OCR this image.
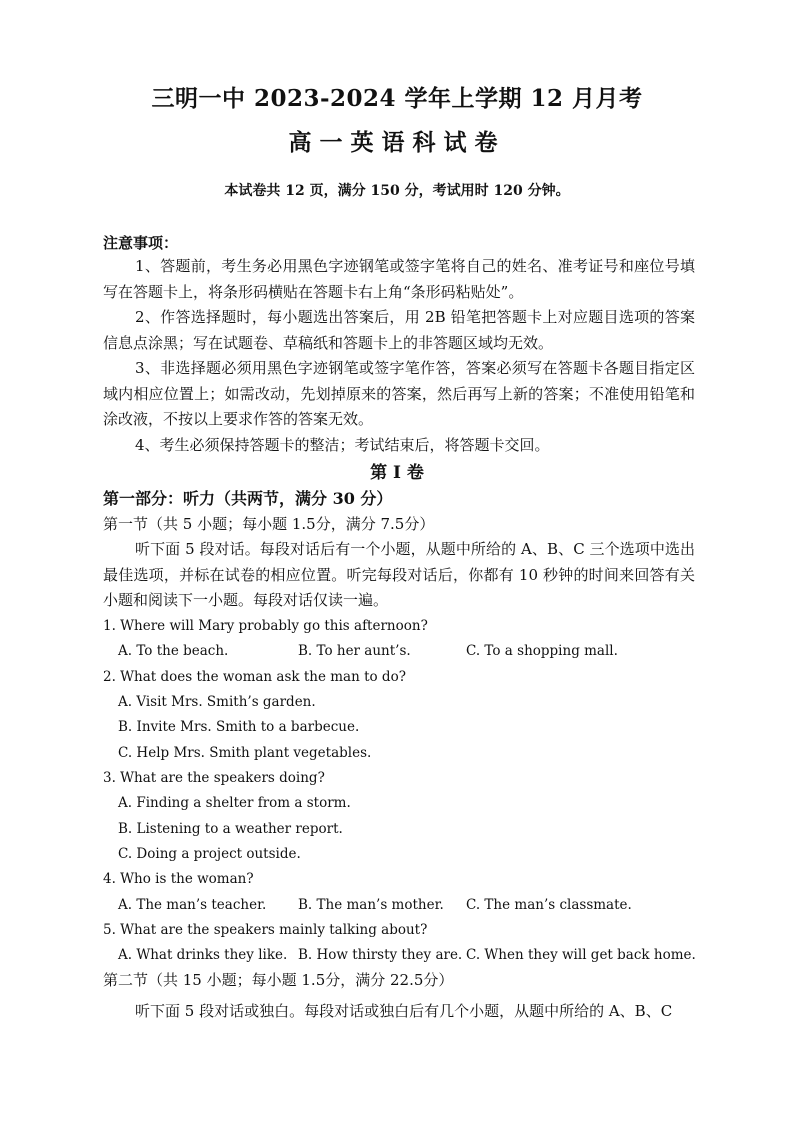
三明一中 2023-2024 学年上学期 12 月月考
高一英语科试卷
本试卷共 12 页，满分 150 分，考试用时 120 分钟。
注意事项：
1、答题前，考生务必用黑色字迹钢笔或签字笔将自己的姓名、准考证号和座位号填写在答题卡上，将条形码横贴在答题卡右上角“条形码粘贴处”。
2、作答选择题时，每小题选出答案后，用 2B 铅笔把答题卡上对应题目选项的答案信息点涂黑；写在试题卷、草稿纸和答题卡上的非答题区域均无效。
3、非选择题必须用黑色字迹钢笔或签字笔作答，答案必须写在答题卡各题目指定区域内相应位置上；如需改动，先划掉原来的答案，然后再写上新的答案；不准使用铅笔和涂改液，不按以上要求作答的答案无效。
4、考生必须保持答题卡的整洁；考试结束后，将答题卡交回。
第 I 卷
第一部分：听力（共两节，满分 30 分）
第一节（共 5 小题；每小题 1.5分，满分 7.5分）
听下面 5 段对话。每段对话后有一个小题，从题中所给的 A、B、C 三个选项中选出最佳选项，并标在试卷的相应位置。听完每段对话后，你都有 10 秒钟的时间来回答有关小题和阅读下一小题。每段对话仅读一遍。
1. Where will Mary probably go this afternoon?
A. To the beach.	B. To her aunt’s.	C. To a shopping mall.
2. What does the woman ask the man to do?
A. Visit Mrs. Smith’s garden.
B. Invite Mrs. Smith to a barbecue.
C. Help Mrs. Smith plant vegetables.
3. What are the speakers doing?
A. Finding a shelter from a storm.
B. Listening to a weather report.
C. Doing a project outside.
4. Who is the woman?
A. The man’s teacher. B. The man’s mother. C. The man’s classmate.
5. What are the speakers mainly talking about?
A. What drinks they like. B. How thirsty they are. C. When they will get back home.
第二节（共 15 小题；每小题 1.5分，满分 22.5分）
听下面 5 段对话或独白。每段对话或独白后有几个小题，从题中所给的 A、B、C
